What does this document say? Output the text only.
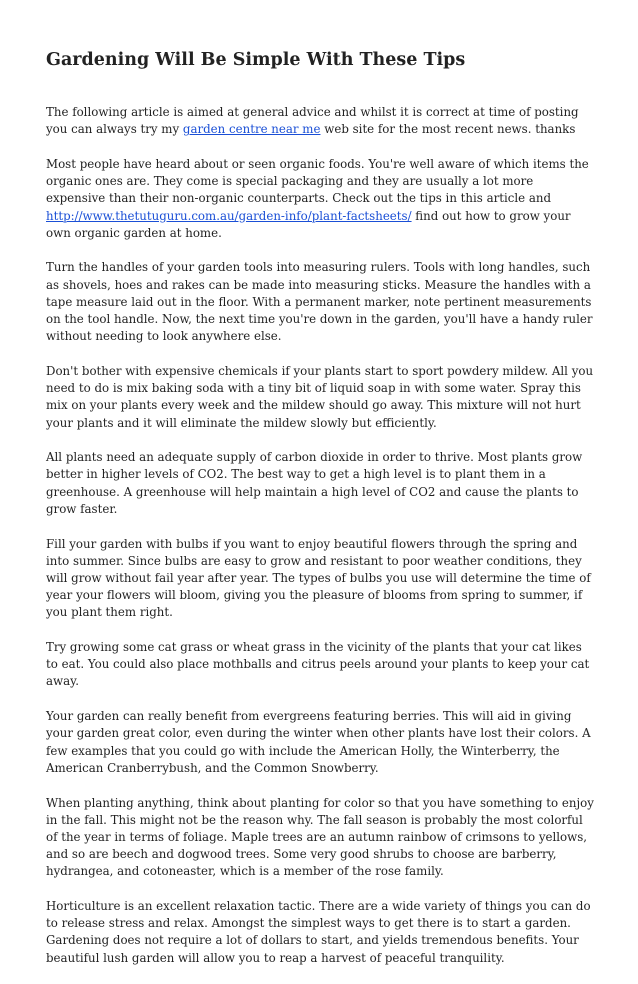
Gardening Will Be Simple With These Tips

The following article is aimed at general advice and whilst it is correct at time of posting you can always try my garden centre near me web site for the most recent news. thanks

Most people have heard about or seen organic foods. You're well aware of which items the organic ones are. They come is special packaging and they are usually a lot more expensive than their non-organic counterparts. Check out the tips in this article and http://www.thetutuguru.com.au/garden-info/plant-factsheets/ find out how to grow your own organic garden at home.

Turn the handles of your garden tools into measuring rulers. Tools with long handles, such as shovels, hoes and rakes can be made into measuring sticks. Measure the handles with a tape measure laid out in the floor. With a permanent marker, note pertinent measurements on the tool handle. Now, the next time you're down in the garden, you'll have a handy ruler without needing to look anywhere else.

Don't bother with expensive chemicals if your plants start to sport powdery mildew. All you need to do is mix baking soda with a tiny bit of liquid soap in with some water. Spray this mix on your plants every week and the mildew should go away. This mixture will not hurt your plants and it will eliminate the mildew slowly but efficiently.

All plants need an adequate supply of carbon dioxide in order to thrive. Most plants grow better in higher levels of CO2. The best way to get a high level is to plant them in a greenhouse. A greenhouse will help maintain a high level of CO2 and cause the plants to grow faster.

Fill your garden with bulbs if you want to enjoy beautiful flowers through the spring and into summer. Since bulbs are easy to grow and resistant to poor weather conditions, they will grow without fail year after year. The types of bulbs you use will determine the time of year your flowers will bloom, giving you the pleasure of blooms from spring to summer, if you plant them right.

Try growing some cat grass or wheat grass in the vicinity of the plants that your cat likes to eat. You could also place mothballs and citrus peels around your plants to keep your cat away.

Your garden can really benefit from evergreens featuring berries. This will aid in giving your garden great color, even during the winter when other plants have lost their colors. A few examples that you could go with include the American Holly, the Winterberry, the American Cranberrybush, and the Common Snowberry.

When planting anything, think about planting for color so that you have something to enjoy in the fall. This might not be the reason why. The fall season is probably the most colorful of the year in terms of foliage. Maple trees are an autumn rainbow of crimsons to yellows, and so are beech and dogwood trees. Some very good shrubs to choose are barberry, hydrangea, and cotoneaster, which is a member of the rose family.

Horticulture is an excellent relaxation tactic. There are a wide variety of things you can do to release stress and relax. Amongst the simplest ways to get there is to start a garden. Gardening does not require a lot of dollars to start, and yields tremendous benefits. Your beautiful lush garden will allow you to reap a harvest of peaceful tranquility.
